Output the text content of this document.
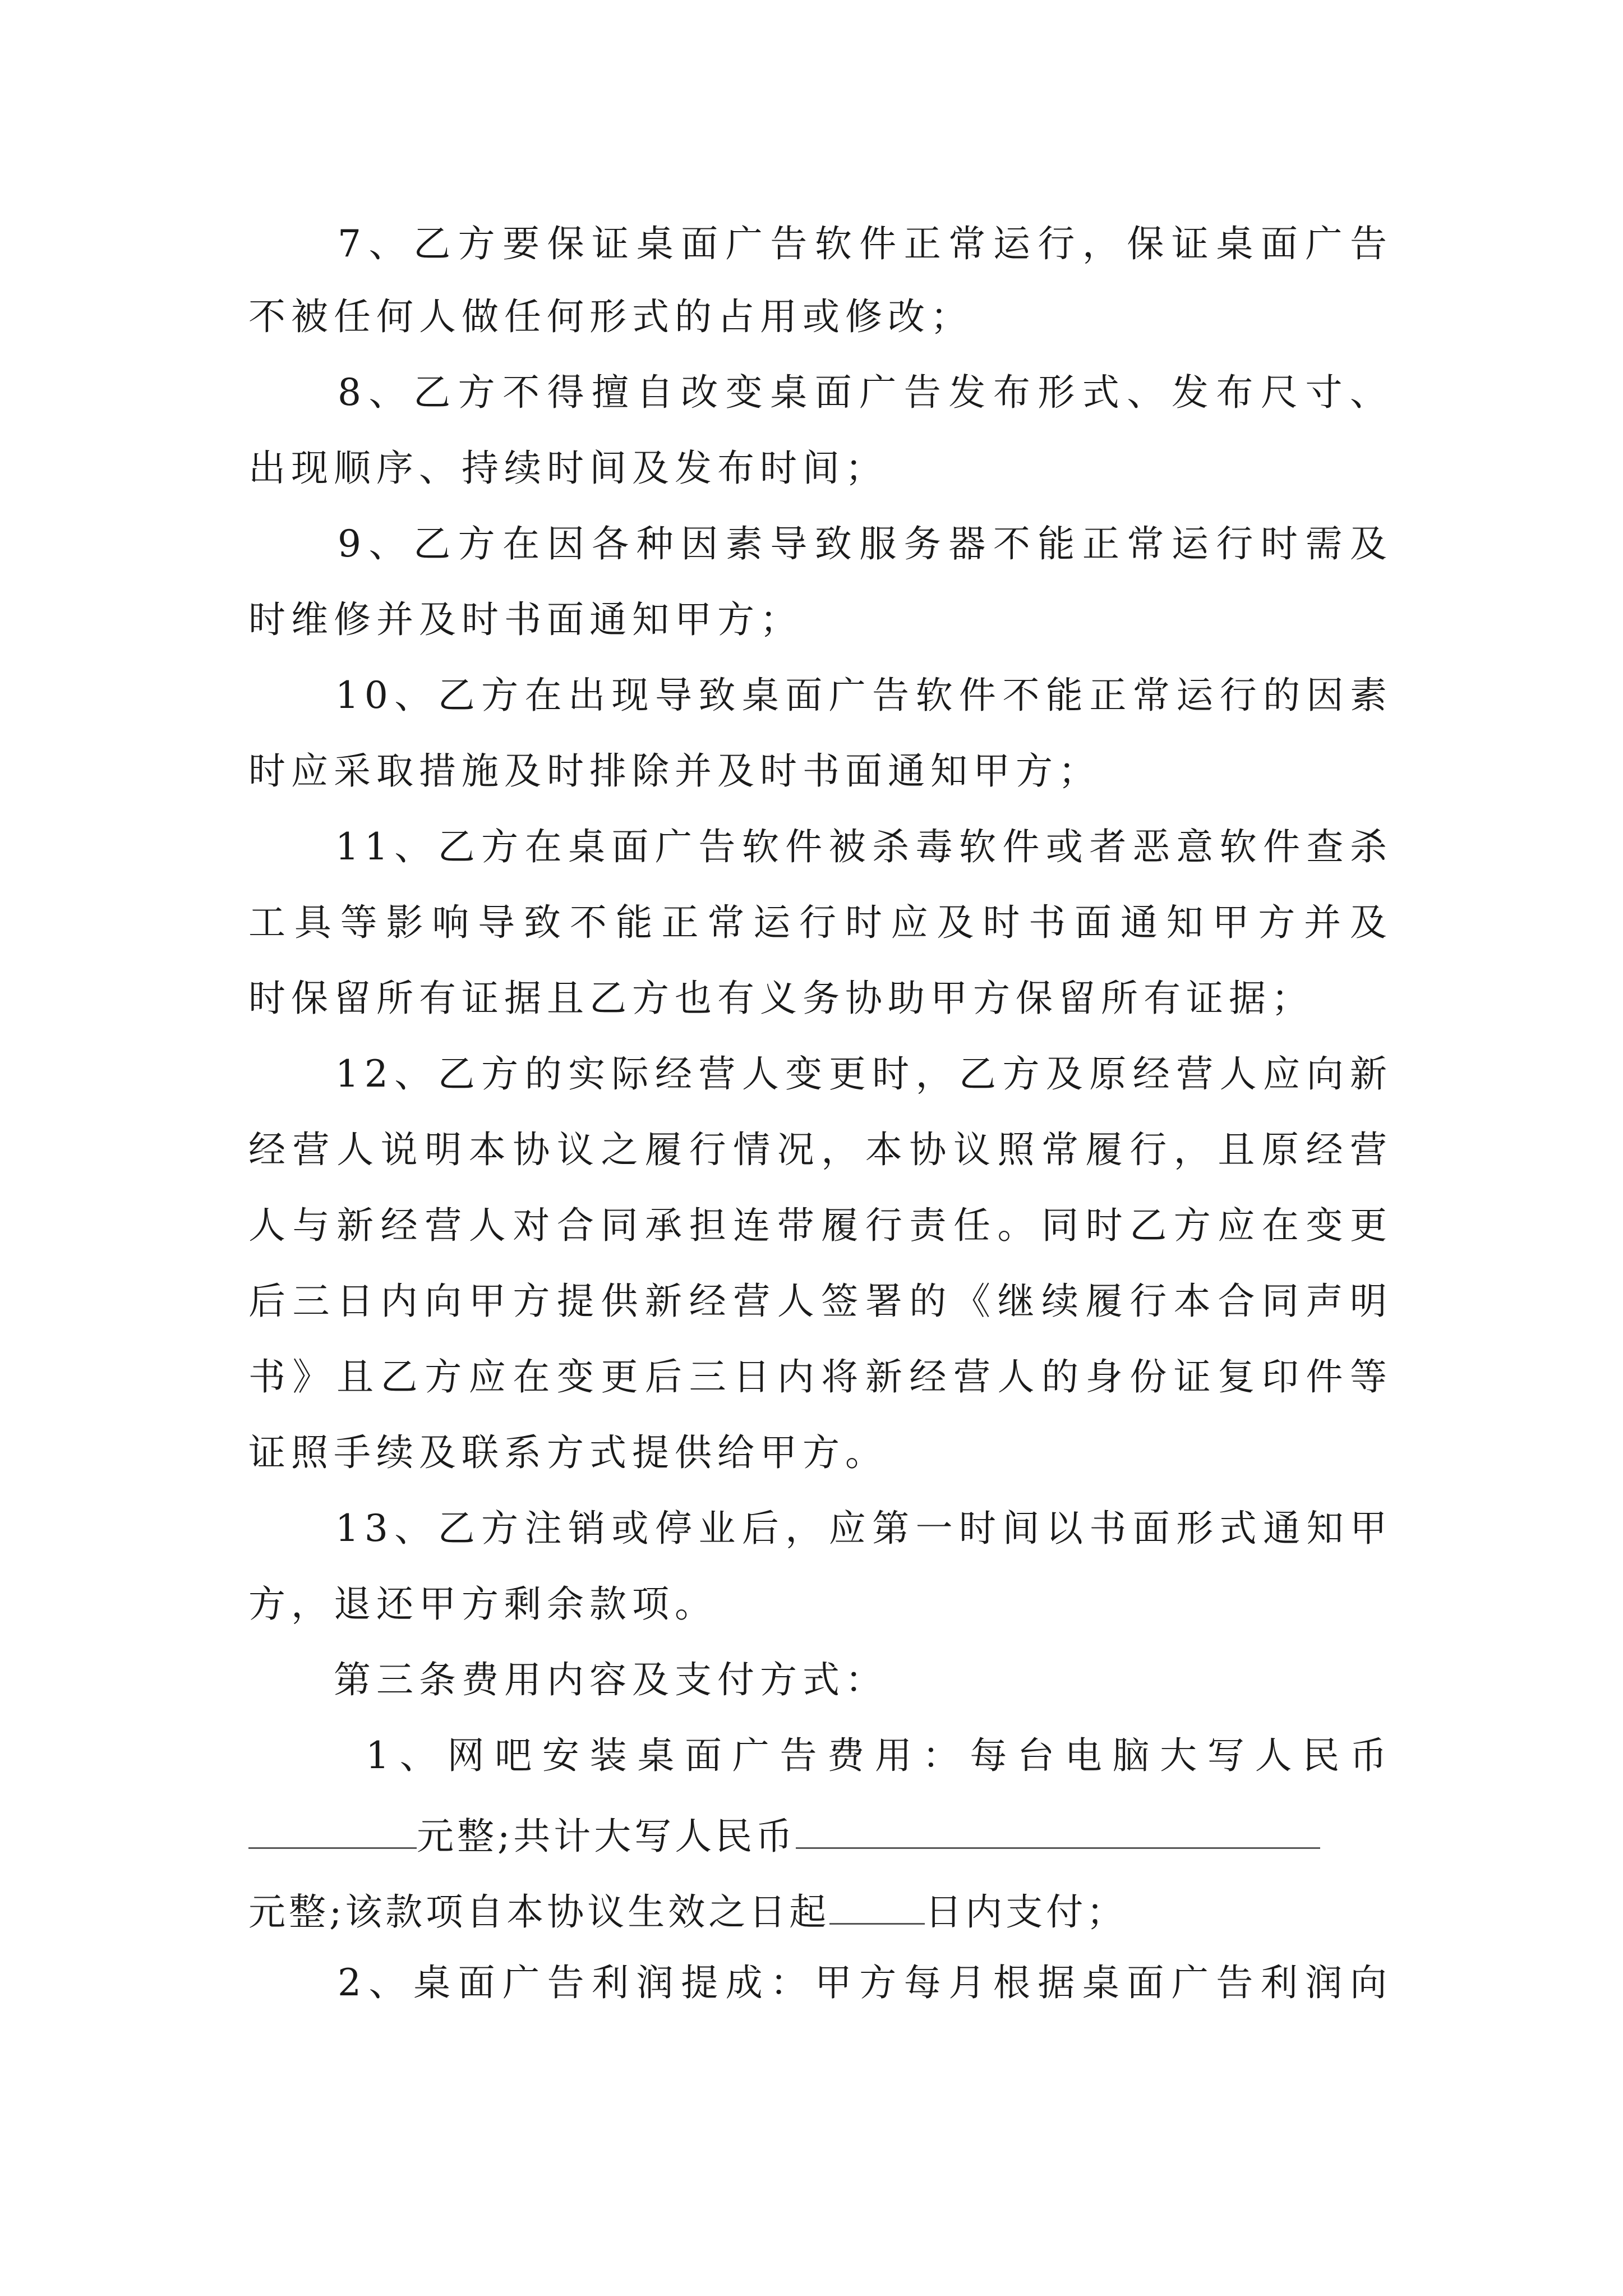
　　7、乙方要保证桌面广告软件正常运行，保证桌面广告
不被任何人做任何形式的占用或修改；
　　8、乙方不得擅自改变桌面广告发布形式、发布尺寸、
出现顺序、持续时间及发布时间；
　　9、乙方在因各种因素导致服务器不能正常运行时需及
时维修并及时书面通知甲方；
　　10、乙方在出现导致桌面广告软件不能正常运行的因素
时应采取措施及时排除并及时书面通知甲方；
　　11、乙方在桌面广告软件被杀毒软件或者恶意软件查杀
工具等影响导致不能正常运行时应及时书面通知甲方并及
时保留所有证据且乙方也有义务协助甲方保留所有证据；
　　12、乙方的实际经营人变更时，乙方及原经营人应向新
经营人说明本协议之履行情况，本协议照常履行，且原经营
人与新经营人对合同承担连带履行责任。同时乙方应在变更
后三日内向甲方提供新经营人签署的《继续履行本合同声明
书》且乙方应在变更后三日内将新经营人的身份证复印件等
证照手续及联系方式提供给甲方。
　　13、乙方注销或停业后，应第一时间以书面形式通知甲
方，退还甲方剩余款项。
　　第三条费用内容及支付方式：
　　 1、网吧安装桌面广告费用：每台电脑大写人民币
元整;共计大写人民币
元整;该款项自本协议生效之日起	日内支付；
　　2、桌面广告利润提成：甲方每月根据桌面广告利润向
